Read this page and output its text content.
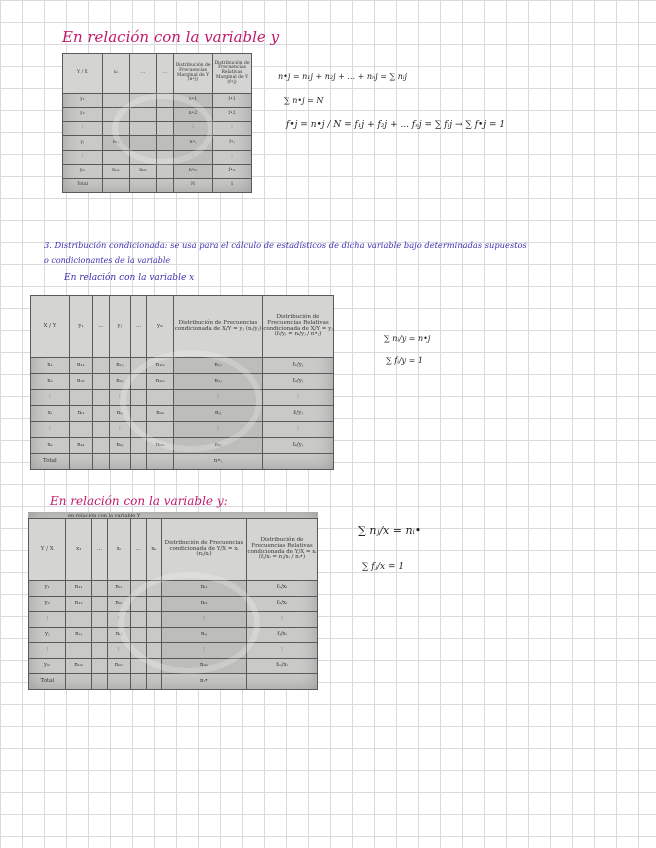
En relación con la variable y
Y / X	x₁	...	...	Distribución de Frecuencias Marginal de Y (n•j)	Distribución de Frecuencias Relativas Marginal de Y (f•j)
y₁				n•1	f•1
y₂				n•2	f•2
⋮				⋮	⋮
yⱼ	n₁ⱼ			n•ⱼ	f•ⱼ
⋮				⋮	⋮
yₘ	n₁ₘ	nₖₘ		n•ₘ	f•ₘ
Total				N	1
n•j = n₁j + n₂j + ... + nₙj = ∑ nᵢj
∑ n•j = N
f•j = n•j / N = f₁j + f₂j + ... fₙj = ∑ fᵢj → ∑ f•j = 1
3. Distribución condicionada: se usa para el cálculo de estadísticos de dicha variable bajo determinadas supuestos
o condicionantes de la variable
En relación con la variable x
X / Y	y₁	...	yⱼ	...	yₘ	Distribución de Frecuencias condicionada de X/Y = yⱼ (nᵢ/yⱼ)	Distribución de Frecuencias Relativas condicionada de X/Y = yⱼ (fᵢ/yⱼ = nᵢ/yⱼ / n•ⱼ)
x₁	n₁₁		n₁ⱼ		n₁ₘ	n₁ⱼ	f₁/yⱼ
x₂	n₂₁		n₂ⱼ		n₂ₘ	n₂ⱼ	f₂/yⱼ
⋮			⋮			⋮	⋮
xᵢ	nᵢ₁		nᵢⱼ		nᵢₘ	nᵢⱼ	fᵢ/yⱼ
⋮			⋮			⋮	⋮
xₖ	nₖ₁		nₖⱼ		nₖₘ	nₖⱼ	fₖ/yⱼ
Total						n•ⱼ	
∑ nᵢ/y = n•j
∑ fᵢ/y = 1
En relación con la variable y:
en relación con la variable Y
Y / X	x₁	...	xᵢ	...	xₖ	Distribución de Frecuencias condicionada de Y/X = xᵢ (nⱼ/xᵢ)	Distribución de Frecuencias Relativas condicionada de Y/X = xᵢ (fⱼ/xᵢ = nⱼ/xᵢ / nᵢ•)
y₁	n₁₁		nᵢ₁			nᵢ₁	f₁/xᵢ
y₂	n₁₂		nᵢ₂			nᵢ₂	f₂/xᵢ
⋮			⋮			⋮	⋮
yⱼ	n₁ⱼ		nᵢⱼ			nᵢⱼ	fⱼ/xᵢ
⋮			⋮			⋮	⋮
yₘ	n₁ₘ		nᵢₘ			nᵢₘ	fₘ/xᵢ
Total						nᵢ•	
∑ nⱼ/x = nᵢ•
∑ fⱼ/x = 1
